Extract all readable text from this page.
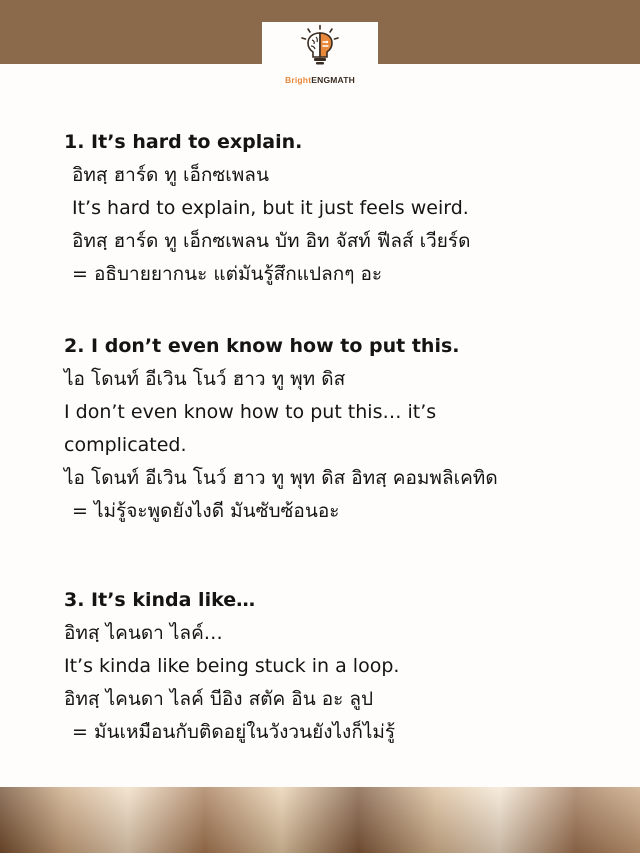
BrightENGMATH
1. It’s hard to explain.
อิทสฺ ฮาร์ด ทู เอ็กซเพลน
It’s hard to explain, but it just feels weird.
อิทสฺ ฮาร์ด ทู เอ็กซเพลน บัท อิท จัสท์ ฟีลส์ เวียร์ด
= อธิบายยากนะ แต่มันรู้สึกแปลกๆ อะ
2. I don’t even know how to put this.
ไอ โดนท์ อีเวิน โนว์ ฮาว ทู พุท ดิส
I don’t even know how to put this… it’s
complicated.
ไอ โดนท์ อีเวิน โนว์ ฮาว ทู พุท ดิส อิทสฺ คอมพลิเคทิด
= ไม่รู้จะพูดยังไงดี มันซับซ้อนอะ
3. It’s kinda like…
อิทสฺ ไคนดา ไลค์…
It’s kinda like being stuck in a loop.
อิทสฺ ไคนดา ไลค์ บีอิง สตัค อิน อะ ลูป
= มันเหมือนกับติดอยู่ในวังวนยังไงก็ไม่รู้
